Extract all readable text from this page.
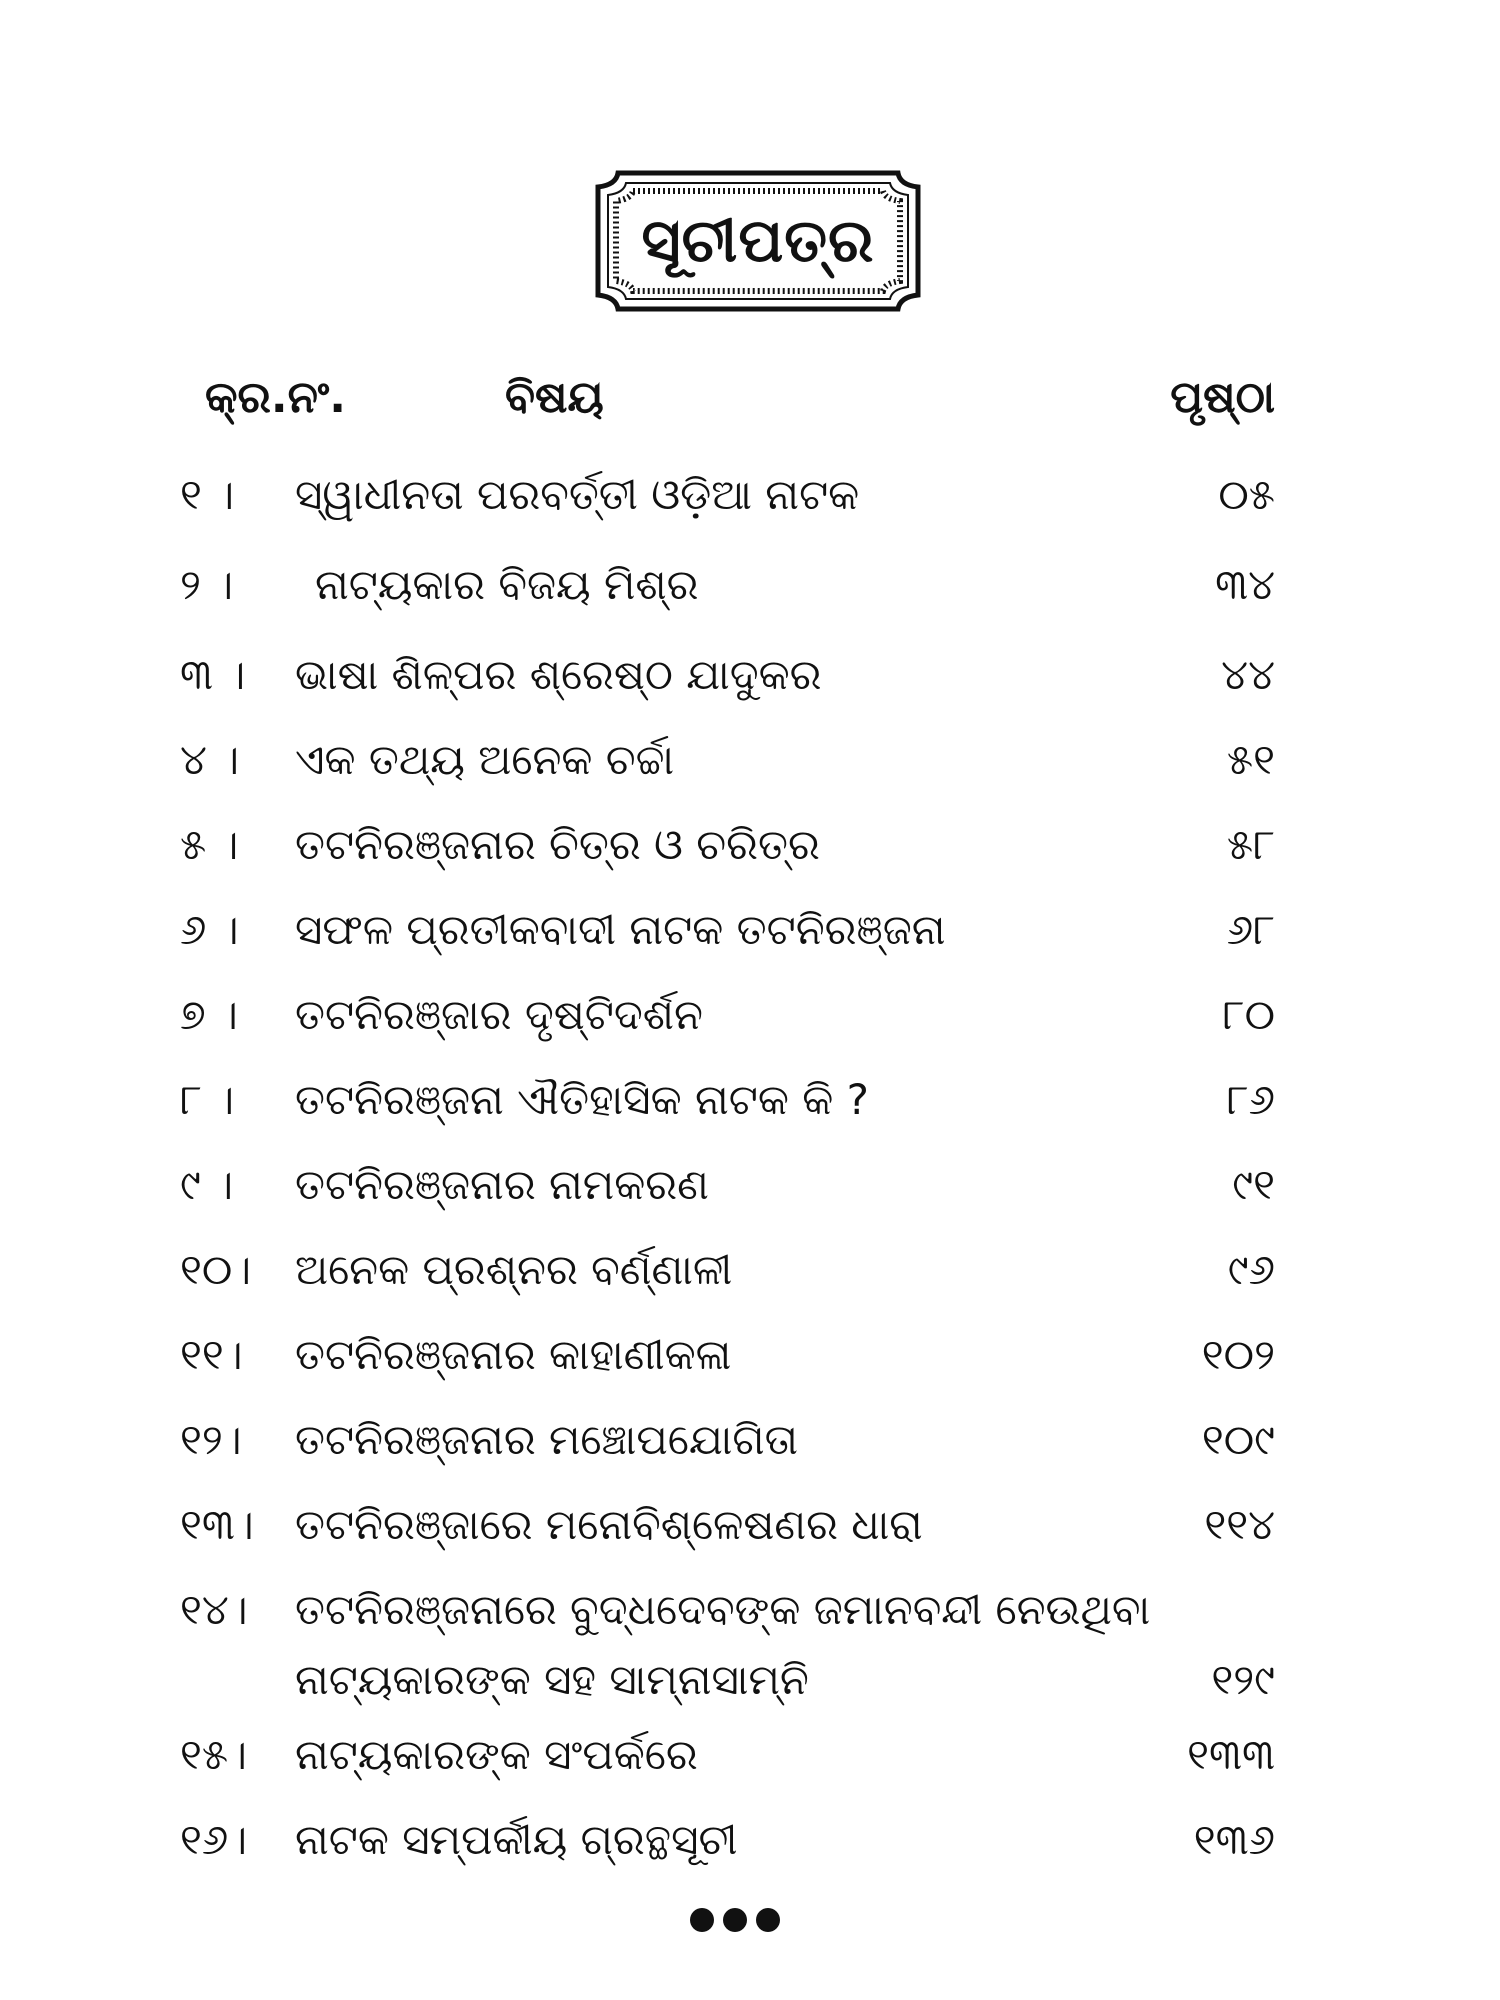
ସୂଚୀପତ୍ର
କ୍ର.ନଂ.	ବିଷୟ	ପୃଷ୍ଠା
୧ ।	ସ୍ୱାଧୀନତା ପରବର୍ତ୍ତୀ ଓଡ଼ିଆ ନାଟକ	୦୫
୨ ।	ନାଟ୍ୟକାର ବିଜୟ ମିଶ୍ର	୩୪
୩ ।	ଭାଷା ଶିଳ୍ପର ଶ୍ରେଷ୍ଠ ଯାଦୁକର	୪୪
୪ ।	ଏକ ତଥ୍ୟ ଅନେକ ଚର୍ଚ୍ଚା	୫୧
୫ ।	ତଟନିରଞ୍ଜନାର ଚିତ୍ର ଓ ଚରିତ୍ର	୫୮
୬ ।	ସଫଳ ପ୍ରତୀକବାଦୀ ନାଟକ ତଟନିରଞ୍ଜନା	୬୮
୭ ।	ତଟନିରଞ୍ଜାର ଦୃଷ୍ଟିଦର୍ଶନ	୮୦
୮ ।	ତଟନିରଞ୍ଜନା ଐତିହାସିକ ନାଟକ କି ?	୮୬
୯ ।	ତଟନିରଞ୍ଜନାର ନାମକରଣ	୯୧
୧୦।	ଅନେକ ପ୍ରଶ୍ନର ବର୍ଣ୍ଣାଳୀ	୯୬
୧୧।	ତଟନିରଞ୍ଜନାର କାହାଣୀକଳା	୧୦୨
୧୨।	ତଟନିରଞ୍ଜନାର ମଞ୍ଚୋପଯୋଗିତା	୧୦୯
୧୩। ତଟନିରଞ୍ଜାରେ ମନୋବିଶ୍ଳେଷଣର ଧାରା	୧୧୪
୧୪।	ତଟନିରଞ୍ଜନାରେ ବୁଦ୍ଧଦେବଙ୍କ ଜମାନବନ୍ଦୀ ନେଉଥିବା
ନାଟ୍ୟକାରଙ୍କ ସହ ସାମ୍ନାସାମ୍ନି	୧୨୯
୧୫।	ନାଟ୍ୟକାରଙ୍କ ସଂପର୍କରେ	୧୩୩
୧୬।	ନାଟକ ସମ୍ପର୍କୀୟ ଗ୍ରନ୍ଥସୂଚୀ	୧୩୬
